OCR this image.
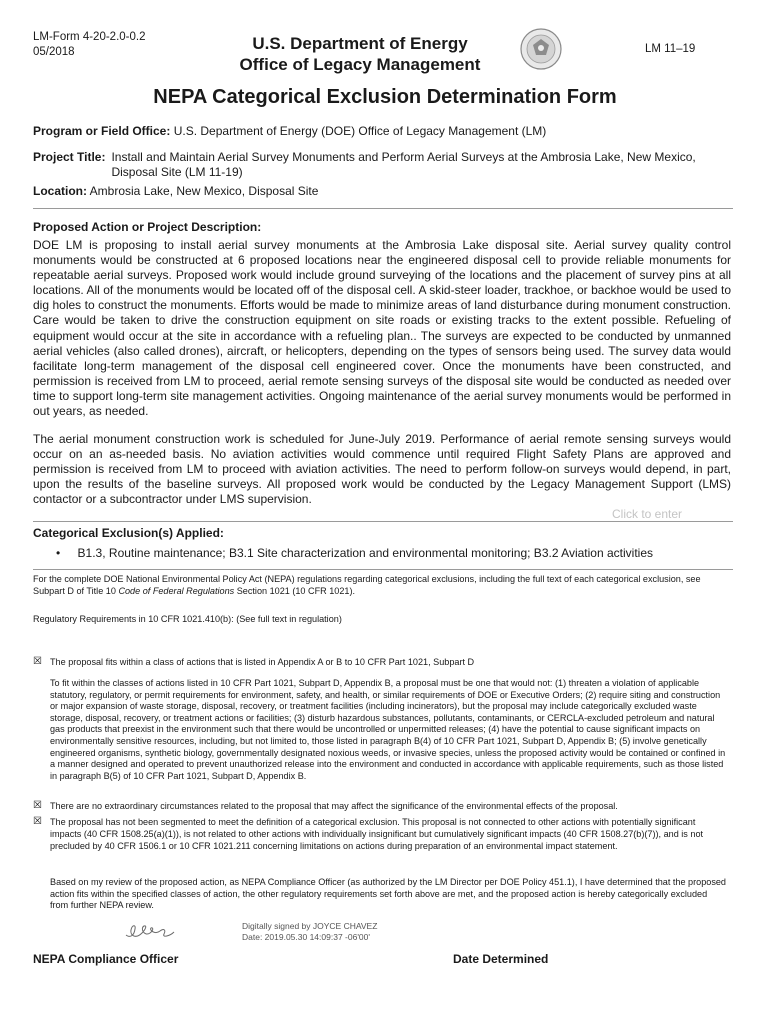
LM-Form 4-20-2.0-0.2
05/2018	U.S. Department of Energy
Office of Legacy Management
LM 11–19
NEPA Categorical Exclusion Determination Form
Program or Field Office: U.S. Department of Energy (DOE) Office of Legacy Management (LM)
Project Title: Install and Maintain Aerial Survey Monuments and Perform Aerial Surveys at the Ambrosia Lake, New Mexico, Disposal Site (LM 11-19)
Location: Ambrosia Lake, New Mexico, Disposal Site
Proposed Action or Project Description:
DOE LM is proposing to install aerial survey monuments at the Ambrosia Lake disposal site. Aerial survey quality control monuments would be constructed at 6 proposed locations near the engineered disposal cell to provide reliable monuments for repeatable aerial surveys. Proposed work would include ground surveying of the locations and the placement of survey pins at all locations. All of the monuments would be located off of the disposal cell. A skid-steer loader, trackhoe, or backhoe would be used to dig holes to construct the monuments. Efforts would be made to minimize areas of land disturbance during monument construction. Care would be taken to drive the construction equipment on site roads or existing tracks to the extent possible. Refueling of equipment would occur at the site in accordance with a refueling plan.. The surveys are expected to be conducted by unmanned aerial vehicles (also called drones), aircraft, or helicopters, depending on the types of sensors being used. The survey data would facilitate long-term management of the disposal cell engineered cover. Once the monuments have been constructed, and permission is received from LM to proceed, aerial remote sensing surveys of the disposal site would be conducted as needed over time to support long-term site management activities. Ongoing maintenance of the aerial survey monuments would be performed in out years, as needed.
The aerial monument construction work is scheduled for June-July 2019. Performance of aerial remote sensing surveys would occur on an as-needed basis. No aviation activities would commence until required Flight Safety Plans are approved and permission is received from LM to proceed with aviation activities. The need to perform follow-on surveys would depend, in part, upon the results of the baseline surveys. All proposed work would be conducted by the Legacy Management Support (LMS) contactor or a subcontractor under LMS supervision.
Click to enter
Categorical Exclusion(s) Applied:
• B1.3, Routine maintenance; B3.1 Site characterization and environmental monitoring; B3.2 Aviation activities
For the complete DOE National Environmental Policy Act (NEPA) regulations regarding categorical exclusions, including the full text of each categorical exclusion, see Subpart D of Title 10 Code of Federal Regulations Section 1021 (10 CFR 1021).
Regulatory Requirements in 10 CFR 1021.410(b): (See full text in regulation)
☒ The proposal fits within a class of actions that is listed in Appendix A or B to 10 CFR Part 1021, Subpart D
To fit within the classes of actions listed in 10 CFR Part 1021, Subpart D, Appendix B, a proposal must be one that would not: (1) threaten a violation of applicable statutory, regulatory, or permit requirements for environment, safety, and health, or similar requirements of DOE or Executive Orders; (2) require siting and construction or major expansion of waste storage, disposal, recovery, or treatment facilities (including incinerators), but the proposal may include categorically excluded waste storage, disposal, recovery, or treatment actions or facilities; (3) disturb hazardous substances, pollutants, contaminants, or CERCLA-excluded petroleum and natural gas products that preexist in the environment such that there would be uncontrolled or unpermitted releases; (4) have the potential to cause significant impacts on environmentally sensitive resources, including, but not limited to, those listed in paragraph B(4) of 10 CFR Part 1021, Subpart D, Appendix B; (5) involve genetically engineered organisms, synthetic biology, governmentally designated noxious weeds, or invasive species, unless the proposed activity would be contained or confined in a manner designed and operated to prevent unauthorized release into the environment and conducted in accordance with applicable requirements, such as those listed in paragraph B(5) of 10 CFR Part 1021, Subpart D, Appendix B.
☒ There are no extraordinary circumstances related to the proposal that may affect the significance of the environmental effects of the proposal.
☒ The proposal has not been segmented to meet the definition of a categorical exclusion. This proposal is not connected to other actions with potentially significant impacts (40 CFR 1508.25(a)(1)), is not related to other actions with individually insignificant but cumulatively significant impacts (40 CFR 1508.27(b)(7)), and is not precluded by 40 CFR 1506.1 or 10 CFR 1021.211 concerning limitations on actions during preparation of an environmental impact statement.
Based on my review of the proposed action, as NEPA Compliance Officer (as authorized by the LM Director per DOE Policy 451.1), I have determined that the proposed action fits within the specified classes of action, the other regulatory requirements set forth above are met, and the proposed action is hereby categorically excluded from further NEPA review.
Digitally signed by JOYCE CHAVEZ
Date: 2019.05.30 14:09:37 -06'00'
NEPA Compliance Officer	Date Determined
